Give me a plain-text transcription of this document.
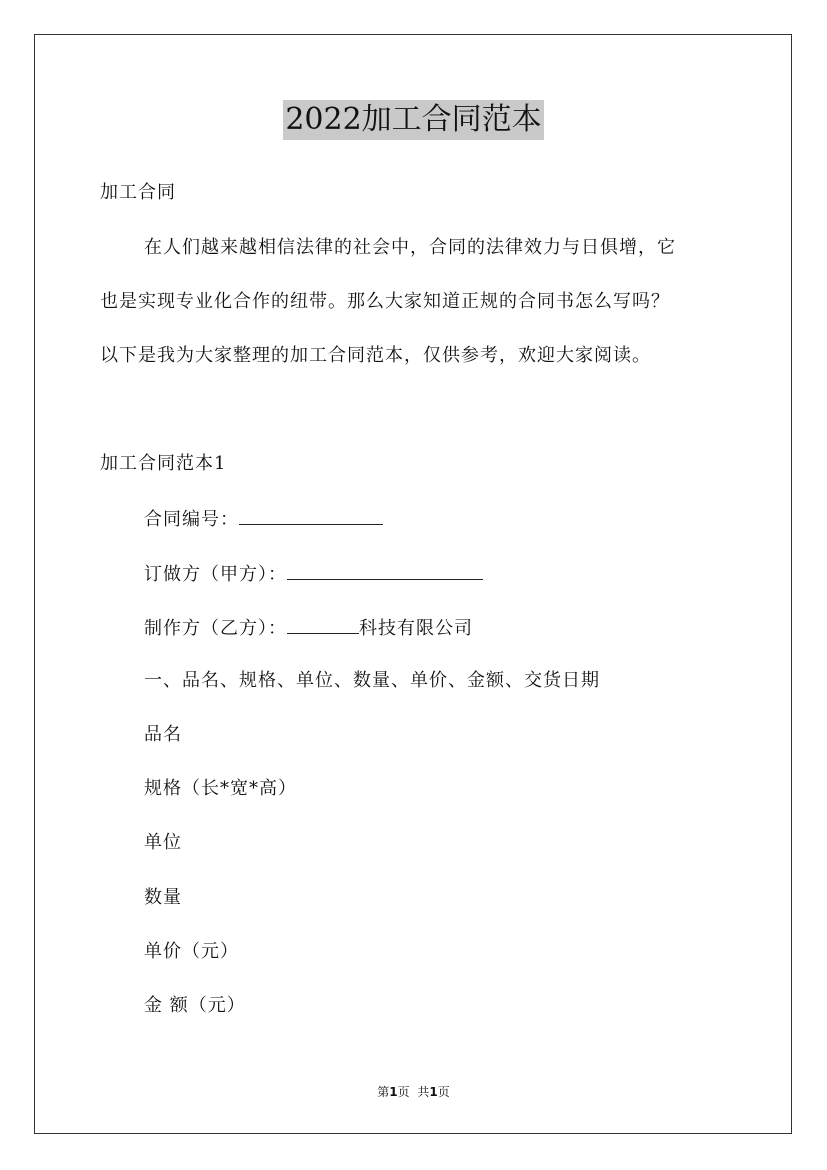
2022加工合同范本
加工合同
在人们越来越相信法律的社会中，合同的法律效力与日俱增，它
也是实现专业化合作的纽带。那么大家知道正规的合同书怎么写吗？
以下是我为大家整理的加工合同范本，仅供参考，欢迎大家阅读。
加工合同范本1
合同编号：
订做方（甲方）：
制作方（乙方）：	科技有限公司
一、品名、规格、单位、数量、单价、金额、交货日期
品名
规格（长*宽*高）
单位
数量
单价（元）
金 额（元）
第1页 共1页
